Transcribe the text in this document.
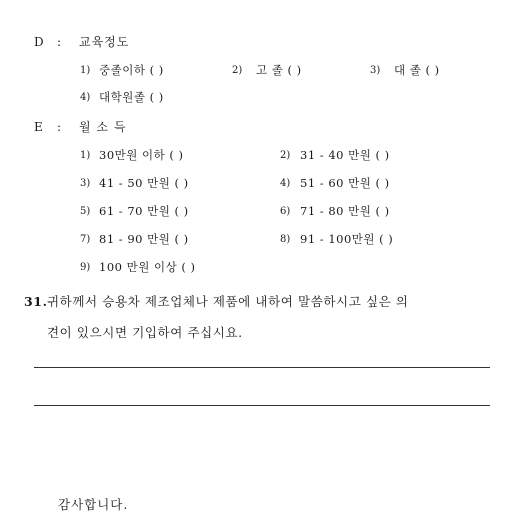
D : 교육정도
1) 중졸이하 ( )	2) 고 졸 ( )	3) 대 졸 ( )
4) 대학원졸 ( )
E : 월 소 득
1) 30만원 이하 ( )	2) 31 - 40 만원 ( )
3) 41 - 50 만원 ( )	4) 51 - 60 만원 ( )
5) 61 - 70 만원 ( )	6) 71 - 80 만원 ( )
7) 81 - 90 만원 ( )	8) 91 - 100만원 ( )
9) 100 만원 이상 ( )
31. 귀하께서 승용차 제조업체나 제품에 내하여 말씀하시고 싶은 의
견이 있으시면 기입하여 주십시요.
감사합니다.
